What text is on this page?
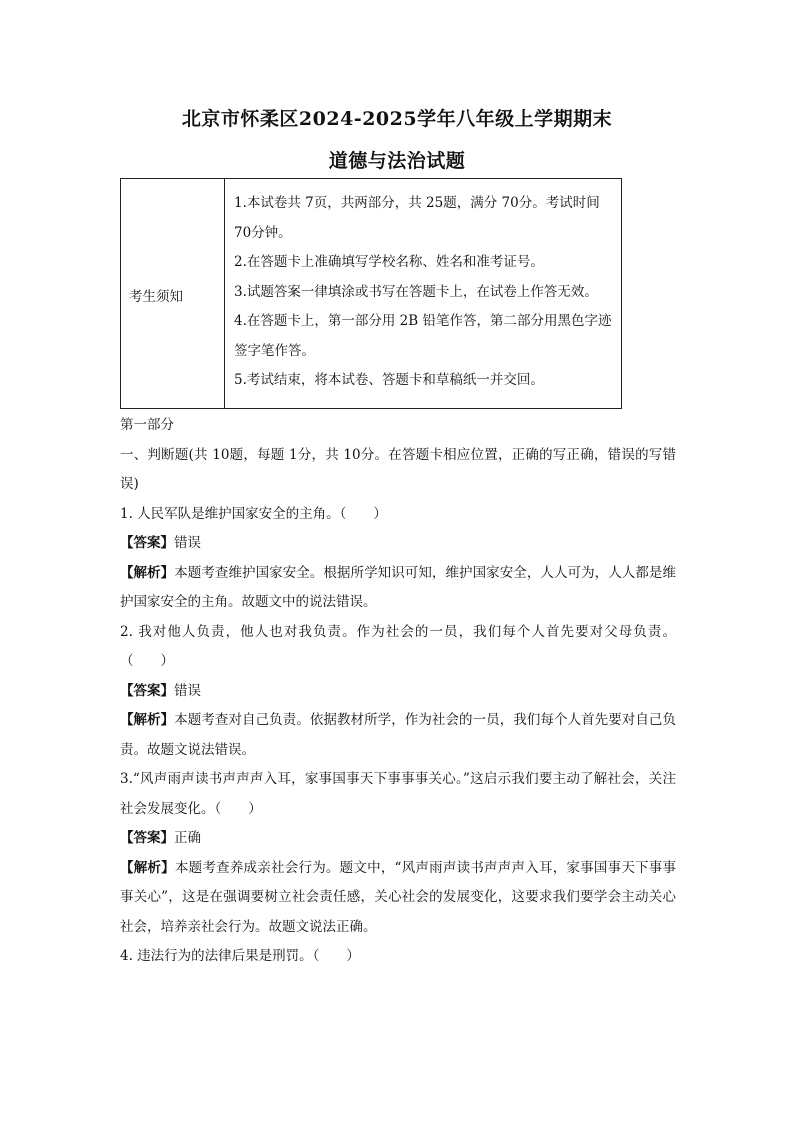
北京市怀柔区2024-2025学年八年级上学期期末
道德与法治试题
考生须知

1.本试卷共 7页，共两部分，共 25题，满分 70分。考试时间 70分钟。

2.在答题卡上准确填写学校名称、姓名和准考证号。

3.试题答案一律填涂或书写在答题卡上，在试卷上作答无效。

4.在答题卡上，第一部分用 2B 铅笔作答，第二部分用黑色字迹签字笔作答。

5.考试结束，将本试卷、答题卡和草稿纸一并交回。

第一部分

一、判断题(共 10题，每题 1分，共 10分。在答题卡相应位置，正确的写正确，错误的写错误)

1. 人民军队是维护国家安全的主角。（　　）

【答案】错误

【解析】本题考查维护国家安全。根据所学知识可知，维护国家安全，人人可为，人人都是维护国家安全的主角。故题文中的说法错误。

2. 我对他人负责，他人也对我负责。作为社会的一员，我们每个人首先要对父母负责。（　　）

【答案】错误

【解析】本题考查对自己负责。依据教材所学，作为社会的一员，我们每个人首先要对自己负责。故题文说法错误。

3.“风声雨声读书声声声入耳，家事国事天下事事事关心。”这启示我们要主动了解社会，关注社会发展变化。（　　）

【答案】正确

【解析】本题考查养成亲社会行为。题文中，“风声雨声读书声声声入耳，家事国事天下事事事关心”，这是在强调要树立社会责任感，关心社会的发展变化，这要求我们要学会主动关心社会，培养亲社会行为。故题文说法正确。

4. 违法行为的法律后果是刑罚。（　　）
